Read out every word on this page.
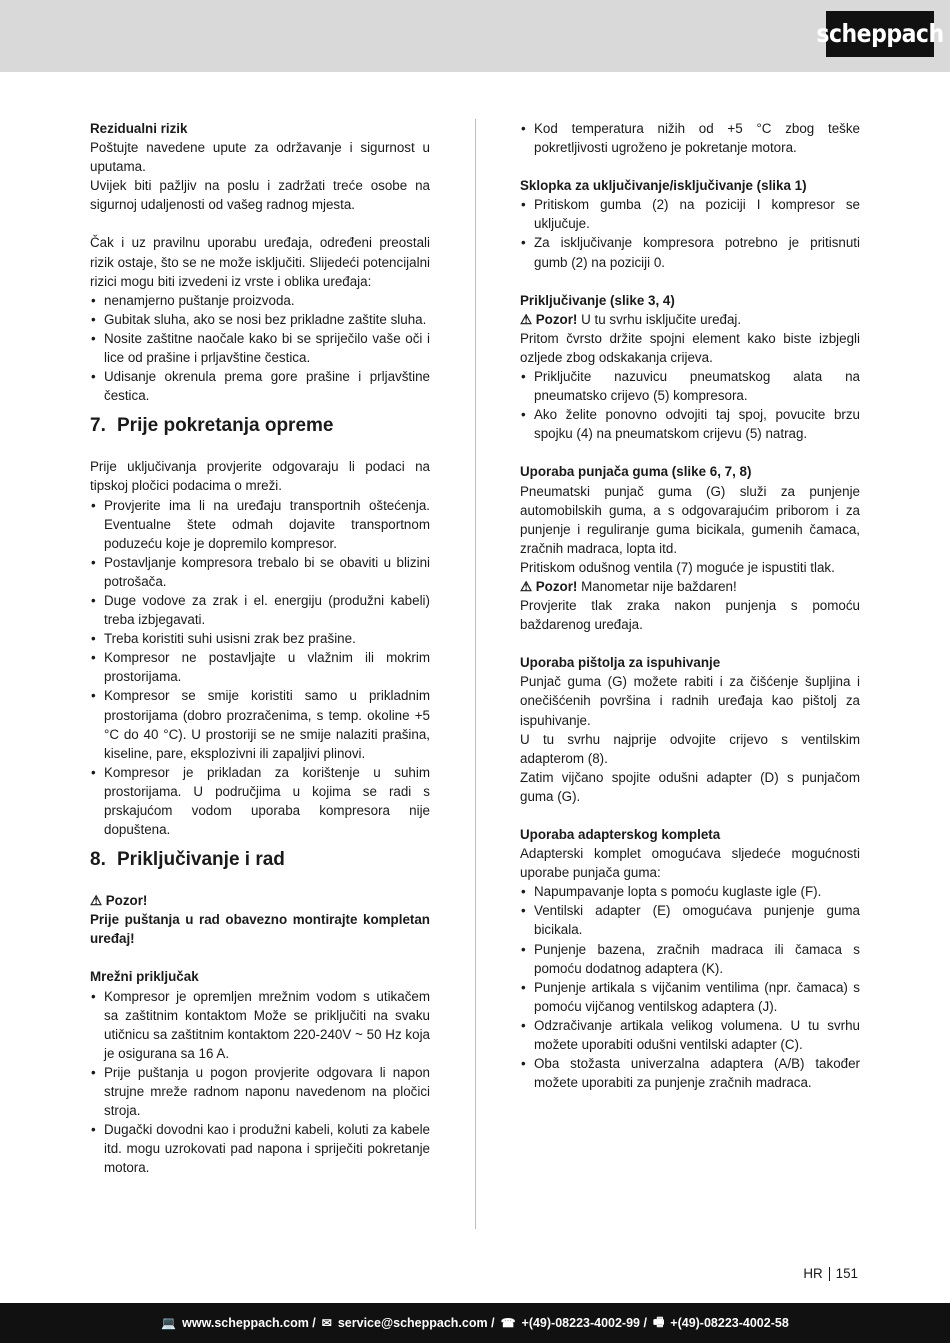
scheppach

Rezidualni rizik

Poštujte navedene upute za održavanje i sigurnost u uputama.

Uvijek biti pažljiv na poslu i zadržati treće osobe na sigurnoj udaljenosti od vašeg radnog mjesta.

Čak i uz pravilnu uporabu uređaja, određeni preostali rizik ostaje, što se ne može isključiti. Slijedeći potencijalni rizici mogu biti izvedeni iz vrste i oblika uređaja:

• nenamjerno puštanje proizvoda.
• Gubitak sluha, ako se nosi bez prikladne zaštite sluha.
• Nosite zaštitne naočale kako bi se spriječilo vaše oči i lice od prašine i prljavštine čestica.
• Udisanje okrenula prema gore prašine i prljavštine čestica.
7. Prije pokretanja opreme

Prije uključivanja provjerite odgovaraju li podaci na tipskoj pločici podacima o mreži.

• Provjerite ima li na uređaju transportnih oštećenja. Eventualne štete odmah dojavite transportnom poduzeću koje je dopremilo kompresor.
• Postavljanje kompresora trebalo bi se obaviti u blizini potrošača.
• Duge vodove za zrak i el. energiju (produžni kabeli) treba izbjegavati.
• Treba koristiti suhi usisni zrak bez prašine.
• Kompresor ne postavljajte u vlažnim ili mokrim prostorijama.
• Kompresor se smije koristiti samo u prikladnim prostorijama (dobro prozračenima, s temp. okoline +5 °C do 40 °C). U prostoriji se ne smije nalaziti prašina, kiseline, pare, eksplozivni ili zapaljivi plinovi.
• Kompresor je prikladan za korištenje u suhim prostorijama. U područjima u kojima se radi s prskajućom vodom uporaba kompresora nije dopuštena.
8. Priključivanje i rad

⚠ Pozor!

Prije puštanja u rad obavezno montirajte kompletan uređaj!

Mrežni priključak

• Kompresor je opremljen mrežnim vodom s utikačem sa zaštitnim kontaktom Može se priključiti na svaku utičnicu sa zaštitnim kontaktom 220-240V ~ 50 Hz koja je osigurana sa 16 A.
• Prije puštanja u pogon provjerite odgovara li napon strujne mreže radnom naponu navedenom na pločici stroja.
• Dugački dovodni kao i produžni kabeli, koluti za kabele itd. mogu uzrokovati pad napona i spriječiti pokretanje motora.
• Kod temperatura nižih od +5 °C zbog teške pokretljivosti ugroženo je pokretanje motora.

Sklopka za uključivanje/isključivanje (slika 1)

• Pritiskom gumba (2) na poziciji I kompresor se uključuje.
• Za isključivanje kompresora potrebno je pritisnuti gumb (2) na poziciji 0.

Priključivanje (slike 3, 4)

⚠ Pozor! U tu svrhu isključite uređaj.

Pritom čvrsto držite spojni element kako biste izbjegli ozljede zbog odskakanja crijeva.

• Priključite nazuvicu pneumatskog alata na pneumatsko crijevo (5) kompresora.
• Ako želite ponovno odvojiti taj spoj, povucite brzu spojku (4) na pneumatskom crijevu (5) natrag.

Uporaba punjača guma (slike 6, 7, 8)

Pneumatski punjač guma (G) služi za punjenje automobilskih guma, a s odgovarajućim priborom i za punjenje i reguliranje guma bicikala, gumenih čamaca, zračnih madraca, lopta itd.

Pritiskom odušnog ventila (7) moguće je ispustiti tlak.

⚠ Pozor! Manometar nije baždaren!

Provjerite tlak zraka nakon punjenja s pomoću baždarenog uređaja.

Uporaba pištolja za ispuhivanje

Punjač guma (G) možete rabiti i za čišćenje šupljina i onečišćenih površina i radnih uređaja kao pištolj za ispuhivanje.

U tu svrhu najprije odvojite crijevo s ventilskim adapterom (8).

Zatim vijčano spojite odušni adapter (D) s punjačom guma (G).

Uporaba adapterskog kompleta

Adapterski komplet omogućava sljedeće mogućnosti uporabe punjača guma:

• Napumpavanje lopta s pomoću kuglaste igle (F).
• Ventilski adapter (E) omogućava punjenje guma bicikala.
• Punjenje bazena, zračnih madraca ili čamaca s pomoću dodatnog adaptera (K).
• Punjenje artikala s vijčanim ventilima (npr. čamaca) s pomoću vijčanog ventilskog adaptera (J).
• Odzračivanje artikala velikog volumena. U tu svrhu možete uporabiti odušni ventilski adapter (C).
• Oba stožasta univerzalna adaptera (A/B) također možete uporabiti za punjenje zračnih madraca.
HR 151
💻 www.scheppach.com / ✉ service@scheppach.com / ☎ +(49)-08223-4002-99 / 🖷 +(49)-08223-4002-58
